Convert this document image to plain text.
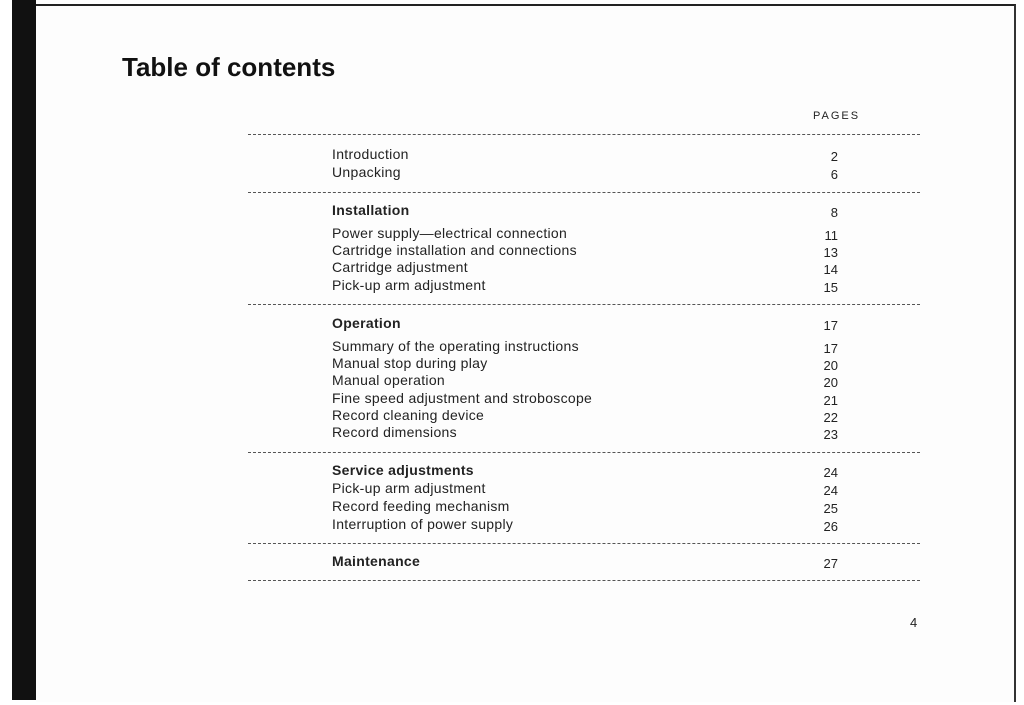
Table of contents
PAGES
Introduction	2
Unpacking	6
Installation	8
Power supply—electrical connection	11
Cartridge installation and connections	13
Cartridge adjustment	14
Pick-up arm adjustment	15
Operation	17
Summary of the operating instructions	17
Manual stop during play	20
Manual operation	20
Fine speed adjustment and stroboscope	21
Record cleaning device	22
Record dimensions	23
Service adjustments	24
Pick-up arm adjustment	24
Record feeding mechanism	25
Interruption of power supply	26
Maintenance	27
4
